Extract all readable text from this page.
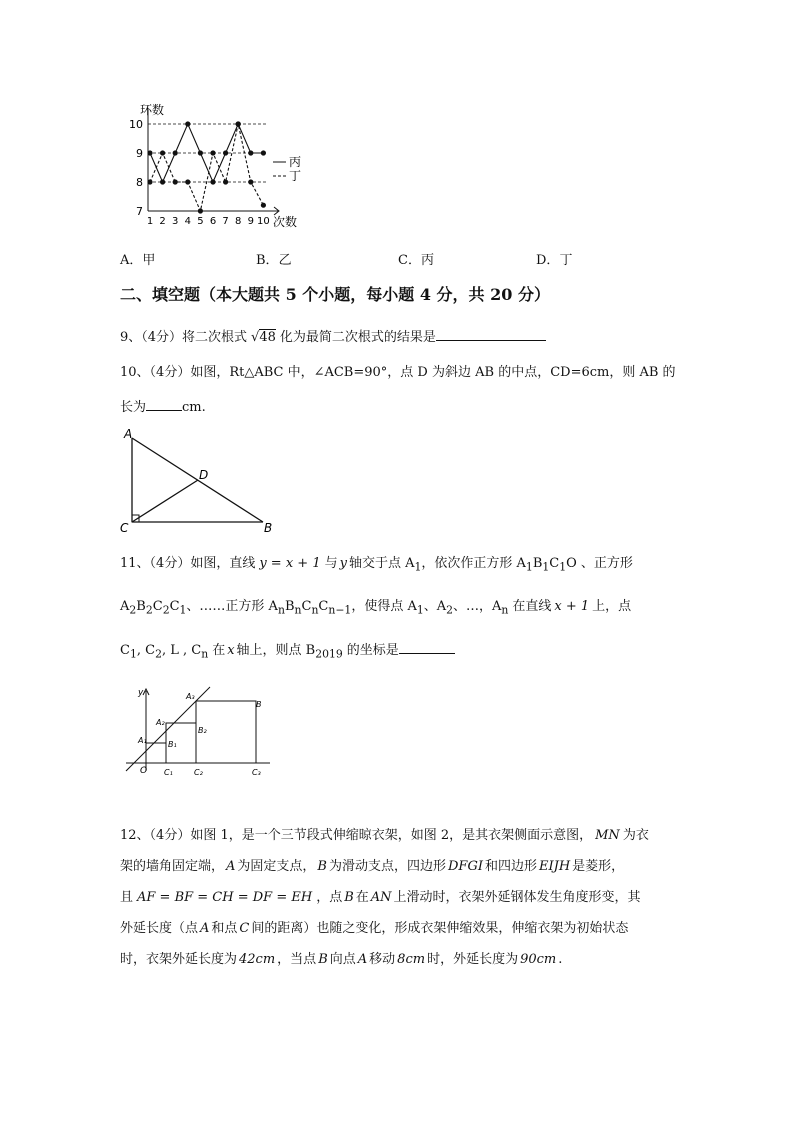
7
8
9
10
1 2 3 4 5 6 7 8 9 10
环数
次数
丙
丁
A．甲	B．乙	C．丙	D．丁
二、填空题（本大题共 5 个小题，每小题 4 分，共 20 分）
9、（4分）将二次根式 √48 化为最简二次根式的结果是
10、（4分）如图，Rt△ABC 中，∠ACB=90°，点 D 为斜边 AB 的中点，CD=6cm，则 AB 的
长为	cm.
A
D
C	B
11、（4分）如图，直线 y = x + 1 与 y 轴交于点 $A_1$，依次作正方形 $A_1B_1C_1O$ 、正方形
$A_2B_2C_2C_1$、……正方形 $A_nB_nC_nC_{n-1}$，使得点 $A_1$、$A_2$、…，$A_n$ 在直线 x + 1 上，点
$C_1$, $C_2$, L , $C_n$ 在 x 轴上，则点 $B_{2019}$ 的坐标是
y
O
A₁
A₂
A₃
B₁
B₂
B
C₁	C₂	C₃
12、（4分）如图 1，是一个三节段式伸缩晾衣架，如图 2，是其衣架侧面示意图， MN 为衣
架的墙角固定端， A 为固定支点， B 为滑动支点，四边形 DFGI 和四边形 EIJH 是菱形，
且 AF = BF = CH = DF = EH ，点 B 在 AN 上滑动时，衣架外延钢体发生角度形变，其
外延长度（点 A 和点 C 间的距离）也随之变化，形成衣架伸缩效果，伸缩衣架为初始状态
时，衣架外延长度为 42cm ，当点 B 向点 A 移动 8cm 时，外延长度为 90cm .
